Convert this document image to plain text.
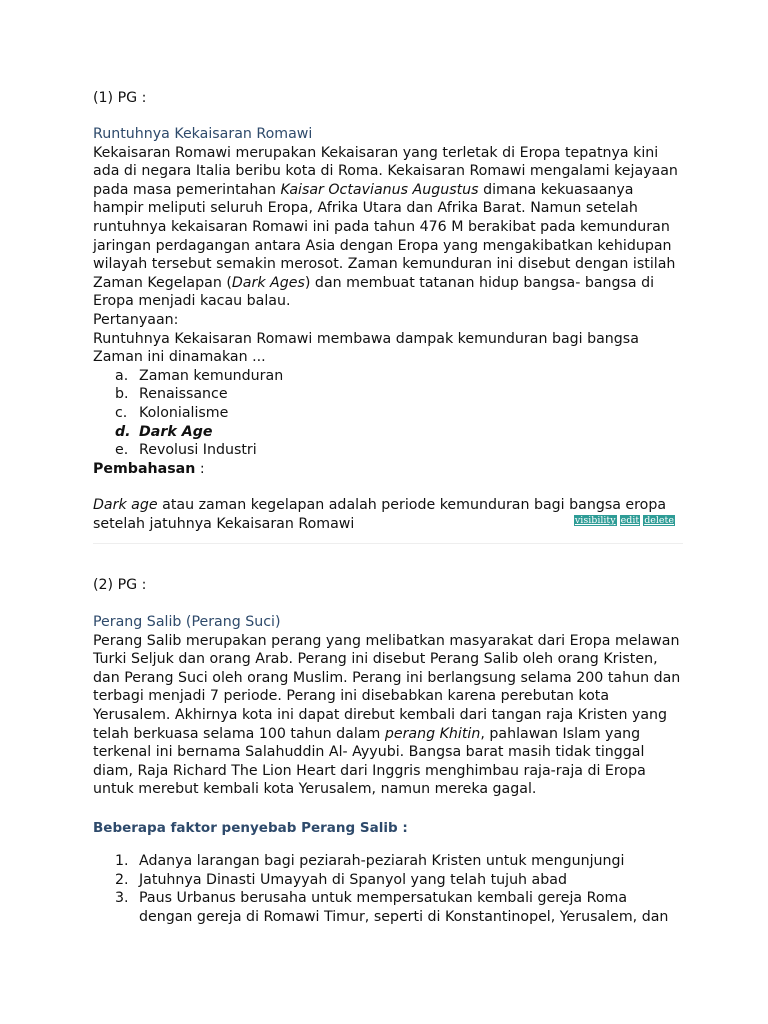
(1) PG :

Runtuhnya Kekaisaran Romawi

Kekaisaran Romawi merupakan Kekaisaran yang terletak di Eropa tepatnya kini ada di negara Italia beribu kota di Roma. Kekaisaran Romawi mengalami kejayaan pada masa pemerintahan Kaisar Octavianus Augustus dimana kekuasaanya hampir meliputi seluruh Eropa, Afrika Utara dan Afrika Barat. Namun setelah runtuhnya kekaisaran Romawi ini pada tahun 476 M berakibat pada kemunduran jaringan perdagangan antara Asia dengan Eropa yang mengakibatkan kehidupan wilayah tersebut semakin merosot. Zaman kemunduran ini disebut dengan istilah Zaman Kegelapan (Dark Ages) dan membuat tatanan hidup bangsa- bangsa di Eropa menjadi kacau balau.

Pertanyaan:

Runtuhnya Kekaisaran Romawi membawa dampak kemunduran bagi bangsa Zaman ini dinamakan ...

a. Zaman kemunduran
b. Renaissance
c. Kolonialisme
d. Dark Age
e. Revolusi Industri

Pembahasan :

Dark age atau zaman kegelapan adalah periode kemunduran bagi bangsa eropa setelah jatuhnya Kekaisaran Romawi	visibility edit delete

(2) PG :

Perang Salib (Perang Suci)

Perang Salib merupakan perang yang melibatkan masyarakat dari Eropa melawan Turki Seljuk dan orang Arab. Perang ini disebut Perang Salib oleh orang Kristen, dan Perang Suci oleh orang Muslim. Perang ini berlangsung selama 200 tahun dan terbagi menjadi 7 periode. Perang ini disebabkan karena perebutan kota Yerusalem. Akhirnya kota ini dapat direbut kembali dari tangan raja Kristen yang telah berkuasa selama 100 tahun dalam perang Khitin, pahlawan Islam yang terkenal ini bernama Salahuddin Al- Ayyubi. Bangsa barat masih tidak tinggal diam, Raja Richard The Lion Heart dari Inggris menghimbau raja-raja di Eropa untuk merebut kembali kota Yerusalem, namun mereka gagal.

Beberapa faktor penyebab Perang Salib :

1. Adanya larangan bagi peziarah-peziarah Kristen untuk mengunjungi
2. Jatuhnya Dinasti Umayyah di Spanyol yang telah tujuh abad
3. Paus Urbanus berusaha untuk mempersatukan kembali gereja Roma dengan gereja di Romawi Timur, seperti di Konstantinopel, Yerusalem, dan
